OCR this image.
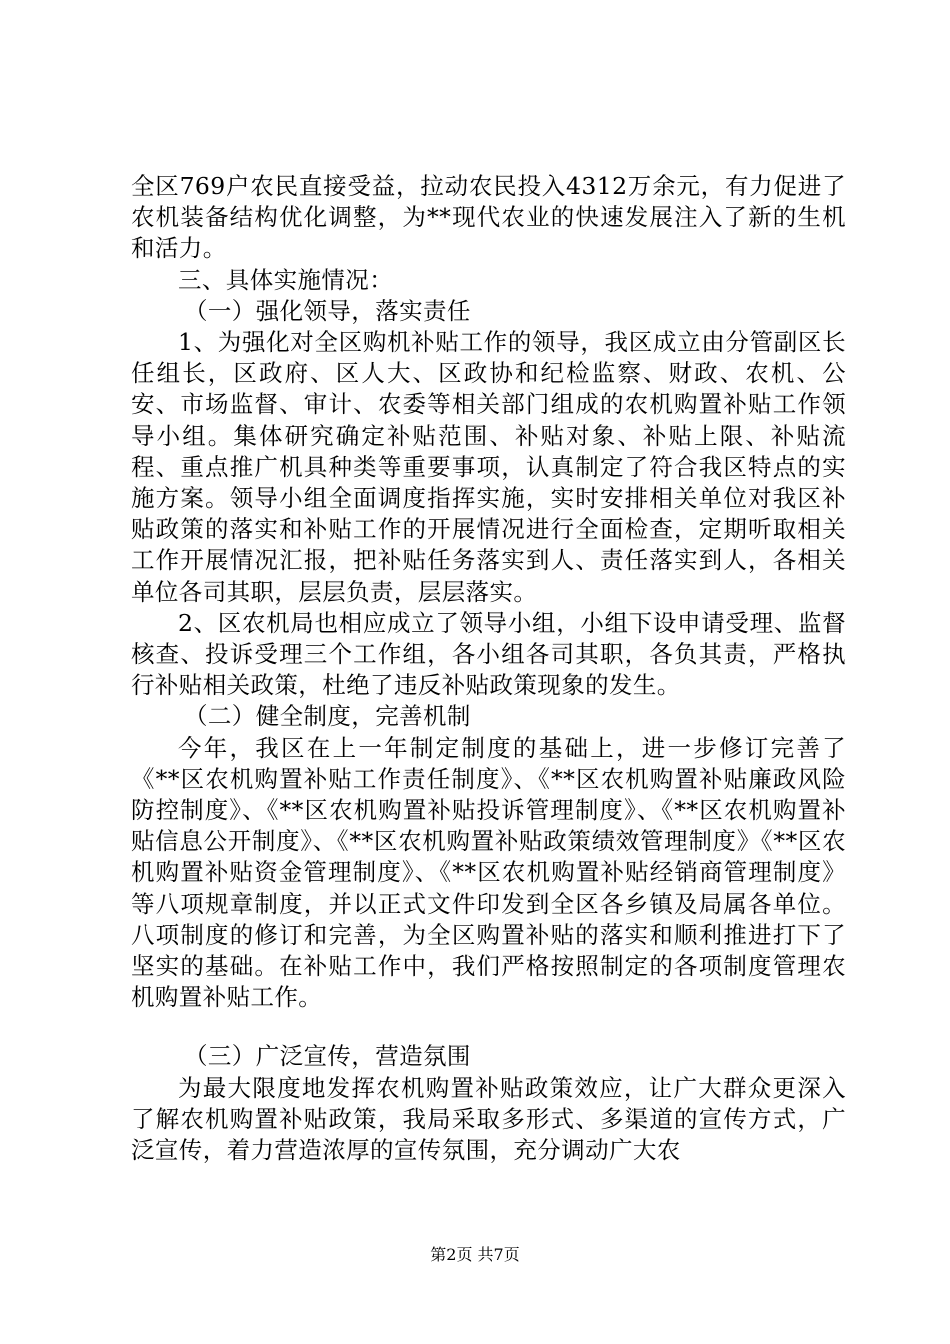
全区769户农民直接受益，拉动农民投入4312万余元，有力促进了农机装备结构优化调整，为**现代农业的快速发展注入了新的生机和活力。

三、具体实施情况：

（一）强化领导，落实责任

1、为强化对全区购机补贴工作的领导，我区成立由分管副区长任组长，区政府、区人大、区政协和纪检监察、财政、农机、公安、市场监督、审计、农委等相关部门组成的农机购置补贴工作领导小组。集体研究确定补贴范围、补贴对象、补贴上限、补贴流程、重点推广机具种类等重要事项，认真制定了符合我区特点的实施方案。领导小组全面调度指挥实施，实时安排相关单位对我区补贴政策的落实和补贴工作的开展情况进行全面检查，定期听取相关工作开展情况汇报，把补贴任务落实到人、责任落实到人，各相关单位各司其职，层层负责，层层落实。

2、区农机局也相应成立了领导小组，小组下设申请受理、监督核查、投诉受理三个工作组，各小组各司其职，各负其责，严格执行补贴相关政策，杜绝了违反补贴政策现象的发生。

（二）健全制度，完善机制

今年，我区在上一年制定制度的基础上，进一步修订完善了《**区农机购置补贴工作责任制度》、《**区农机购置补贴廉政风险防控制度》、《**区农机购置补贴投诉管理制度》、《**区农机购置补贴信息公开制度》、《**区农机购置补贴政策绩效管理制度》《**区农机购置补贴资金管理制度》、《**区农机购置补贴经销商管理制度》等八项规章制度，并以正式文件印发到全区各乡镇及局属各单位。八项制度的修订和完善，为全区购置补贴的落实和顺利推进打下了坚实的基础。在补贴工作中，我们严格按照制定的各项制度管理农机购置补贴工作。

（三）广泛宣传，营造氛围

为最大限度地发挥农机购置补贴政策效应，让广大群众更深入了解农机购置补贴政策，我局采取多形式、多渠道的宣传方式，广泛宣传，着力营造浓厚的宣传氛围，充分调动广大农

第2页 共7页
